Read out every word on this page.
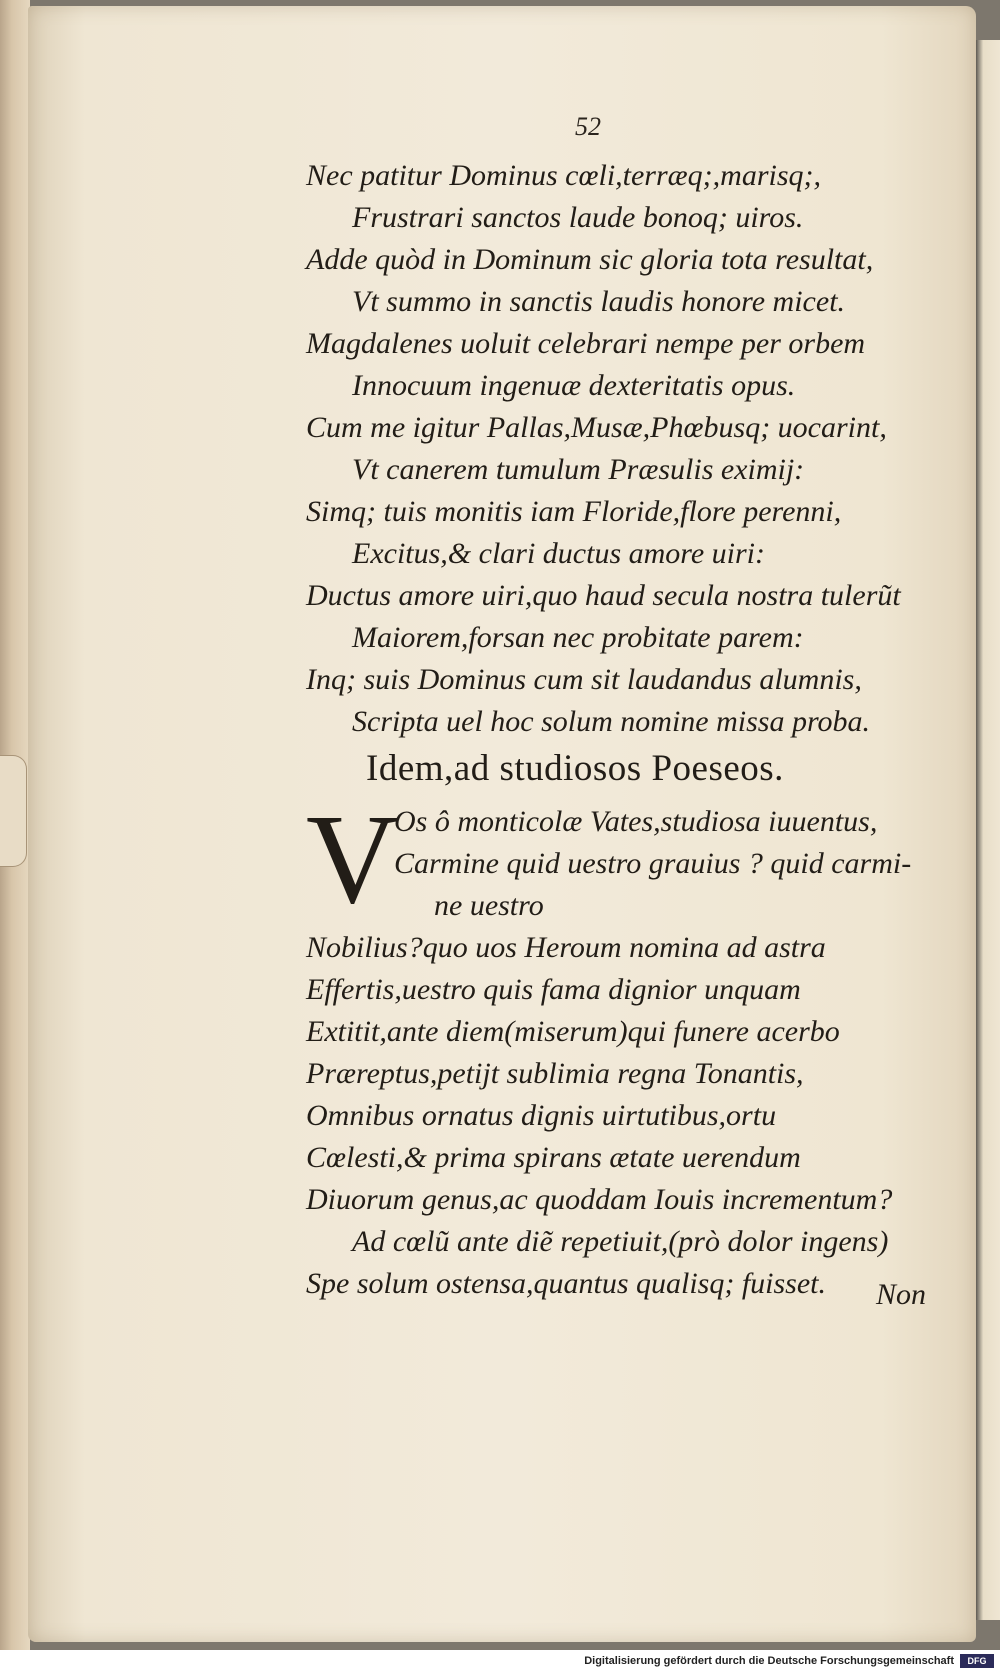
52
Nec patitur Dominus cœli,terræq;,marisq;,
Frustrari sanctos laude bonoq; uiros.
Adde quòd in Dominum sic gloria tota resultat,
Vt summo in sanctis laudis honore micet.
Magdalenes uoluit celebrari nempe per orbem
Innocuum ingenuæ dexteritatis opus.
Cum me igitur Pallas,Musæ,Phœbusq; uocarint,
Vt canerem tumulum Præsulis eximij:
Simq; tuis monitis iam Floride,flore perenni,
Excitus,& clari ductus amore uiri:
Ductus amore uiri,quo haud secula nostra tulerũt
Maiorem,forsan nec probitate parem:
Inq; suis Dominus cum sit laudandus alumnis,
Scripta uel hoc solum nomine missa proba.
Idem,ad studiosos Poeseos.
V
Os ô monticolæ Vates,studiosa iuuentus,
Carmine quid uestro grauius ? quid carmi-
ne uestro
Nobilius?quo uos Heroum nomina ad astra
Effertis,uestro quis fama dignior unquam
Extitit,ante diem(miserum)qui funere acerbo
Præreptus,petijt sublimia regna Tonantis,
Omnibus ornatus dignis uirtutibus,ortu
Cœlesti,& prima spirans ætate uerendum
Diuorum genus,ac quoddam Iouis incrementum?
Ad cœlũ ante diẽ repetiuit,(prò dolor ingens)
Spe solum ostensa,quantus qualisq; fuisset.	Non
Digitalisierung gefördert durch die Deutsche Forschungsgemeinschaft	DFG
